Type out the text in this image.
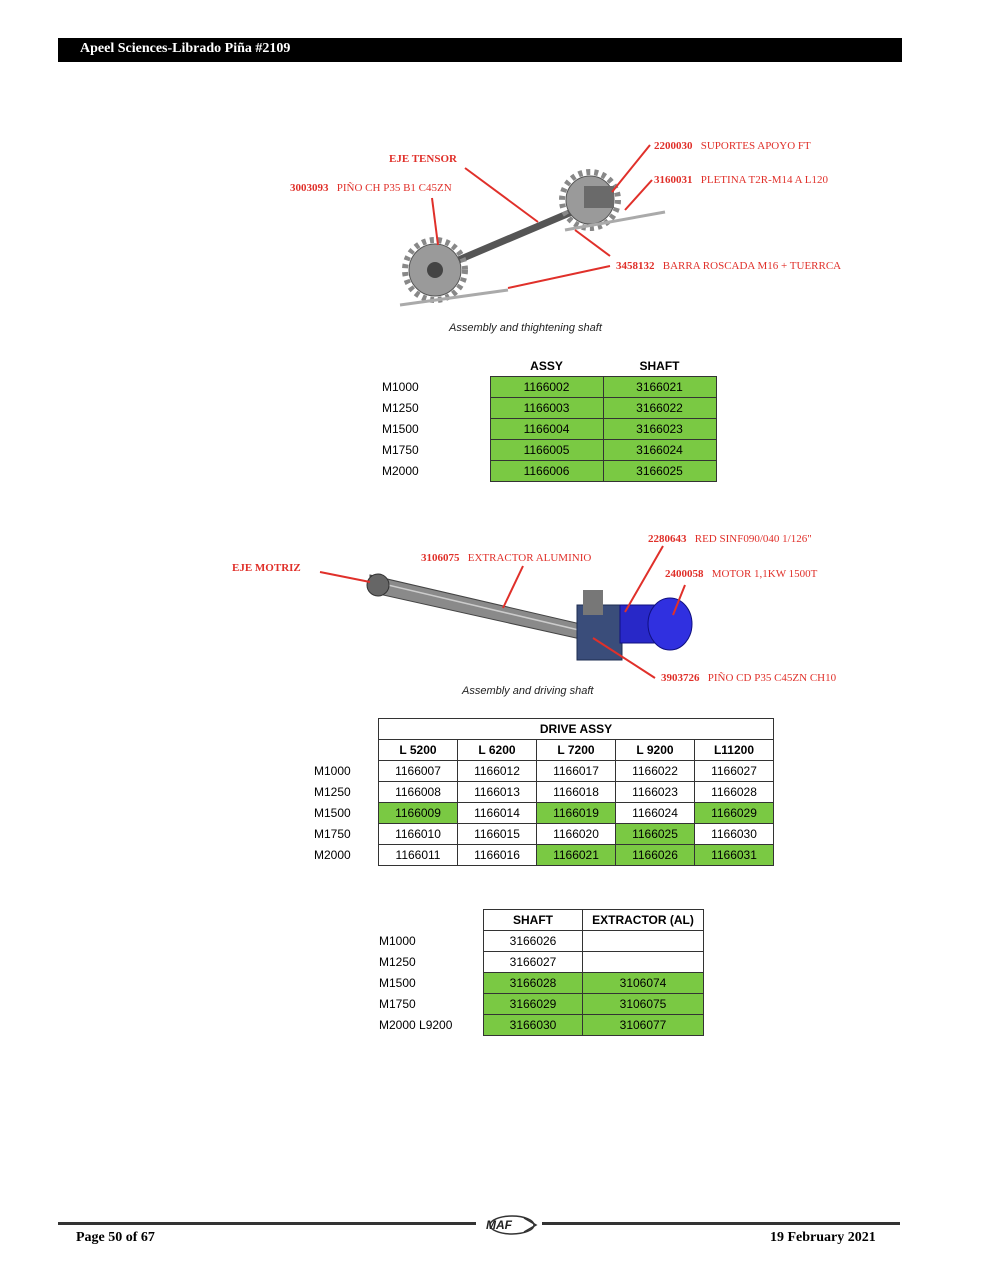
Apeel Sciences-Librado Piña #2109
EJE TENSOR
3003093 PIÑO CH P35 B1 C45ZN
2200030 SUPORTES APOYO FT
3160031 PLETINA T2R-M14 A L120
3458132 BARRA ROSCADA M16 + TUERRCA
Assembly and thightening shaft
	ASSY	SHAFT
M1000	1166002	3166021
M1250	1166003	3166022
M1500	1166004	3166023
M1750	1166005	3166024
M2000	1166006	3166025
EJE MOTRIZ
3106075 EXTRACTOR ALUMINIO
2280643 RED SINF090/040 1/126"
2400058 MOTOR 1,1KW 1500T
3903726 PIÑO CD P35 C45ZN CH10
Assembly and driving shaft
	DRIVE ASSY				
	L 5200	L 6200	L 7200	L 9200	L11200
M1000	1166007	1166012	1166017	1166022	1166027
M1250	1166008	1166013	1166018	1166023	1166028
M1500	1166009	1166014	1166019	1166024	1166029
M1750	1166010	1166015	1166020	1166025	1166030
M2000	1166011	1166016	1166021	1166026	1166031
	SHAFT	EXTRACTOR (AL)
M1000	3166026	
M1250	3166027	
M1500	3166028	3106074
M1750	3166029	3106075
M2000 L9200	3166030	3106077
MAF
Page 50 of 67	19 February 2021
